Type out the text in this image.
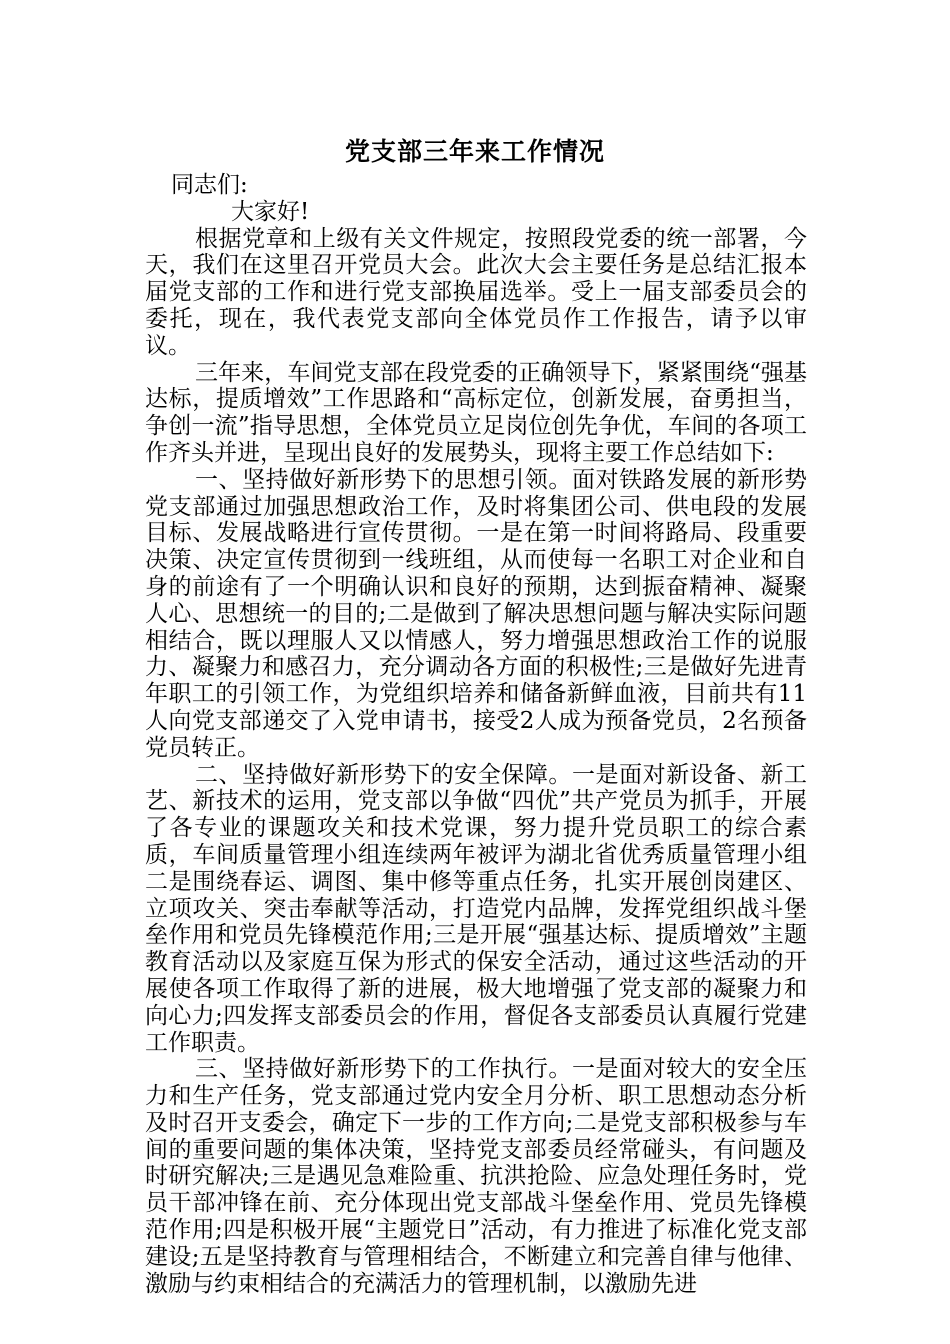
党支部三年来工作情况

同志们:

大家好!

根据党章和上级有关文件规定，按照段党委的统一部署，今天，我们在这里召开党员大会。此次大会主要任务是总结汇报本届党支部的工作和进行党支部换届选举。受上一届支部委员会的委托，现在，我代表党支部向全体党员作工作报告，请予以审议。

三年来，车间党支部在段党委的正确领导下，紧紧围绕“强基达标，提质增效”工作思路和“高标定位，创新发展，奋勇担当，争创一流”指导思想，全体党员立足岗位创先争优，车间的各项工作齐头并进，呈现出良好的发展势头，现将主要工作总结如下:

一、坚持做好新形势下的思想引领。面对铁路发展的新形势党支部通过加强思想政治工作，及时将集团公司、供电段的发展目标、发展战略进行宣传贯彻。一是在第一时间将路局、段重要决策、决定宣传贯彻到一线班组，从而使每一名职工对企业和自身的前途有了一个明确认识和良好的预期，达到振奋精神、凝聚人心、思想统一的目的;二是做到了解决思想问题与解决实际问题相结合，既以理服人又以情感人，努力增强思想政治工作的说服力、凝聚力和感召力，充分调动各方面的积极性;三是做好先进青年职工的引领工作，为党组织培养和储备新鲜血液，目前共有11人向党支部递交了入党申请书，接受2人成为预备党员，2名预备党员转正。

二、坚持做好新形势下的安全保障。一是面对新设备、新工艺、新技术的运用，党支部以争做“四优”共产党员为抓手，开展了各专业的课题攻关和技术党课，努力提升党员职工的综合素质，车间质量管理小组连续两年被评为湖北省优秀质量管理小组二是围绕春运、调图、集中修等重点任务，扎实开展创岗建区、立项攻关、突击奉献等活动，打造党内品牌，发挥党组织战斗堡垒作用和党员先锋模范作用;三是开展“强基达标、提质增效”主题教育活动以及家庭互保为形式的保安全活动，通过这些活动的开展使各项工作取得了新的进展，极大地增强了党支部的凝聚力和向心力;四发挥支部委员会的作用，督促各支部委员认真履行党建工作职责。

三、坚持做好新形势下的工作执行。一是面对较大的安全压力和生产任务，党支部通过党内安全月分析、职工思想动态分析及时召开支委会，确定下一步的工作方向;二是党支部积极参与车间的重要问题的集体决策，坚持党支部委员经常碰头，有问题及时研究解决;三是遇见急难险重、抗洪抢险、应急处理任务时，党员干部冲锋在前、充分体现出党支部战斗堡垒作用、党员先锋模范作用;四是积极开展“主题党日”活动，有力推进了标准化党支部建设;五是坚持教育与管理相结合，不断建立和完善自律与他律、激励与约束相结合的充满活力的管理机制，以激励先进
